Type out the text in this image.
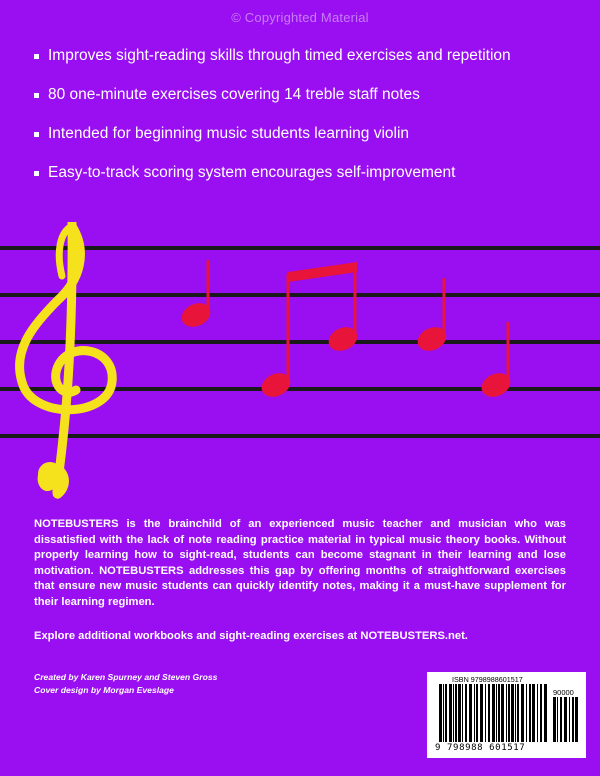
© Copyrighted Material
Improves sight-reading skills through timed exercises and repetition
80 one-minute exercises covering 14 treble staff notes
Intended for beginning music students learning violin
Easy-to-track scoring system encourages self-improvement

NOTEBUSTERS is the brainchild of an experienced music teacher and musician who was dissatisfied with the lack of note reading practice material in typical music theory books. Without properly learning how to sight-read, students can become stagnant in their learning and lose motivation. NOTEBUSTERS addresses this gap by offering months of straightforward exercises that ensure new music students can quickly identify notes, making it a must-have supplement for their learning regimen.

Explore additional workbooks and sight-reading exercises at NOTEBUSTERS.net.

Created by Karen Spurney and Steven Gross
Cover design by Morgan Eveslage
ISBN 9798988601517
90000
9 798988 601517
